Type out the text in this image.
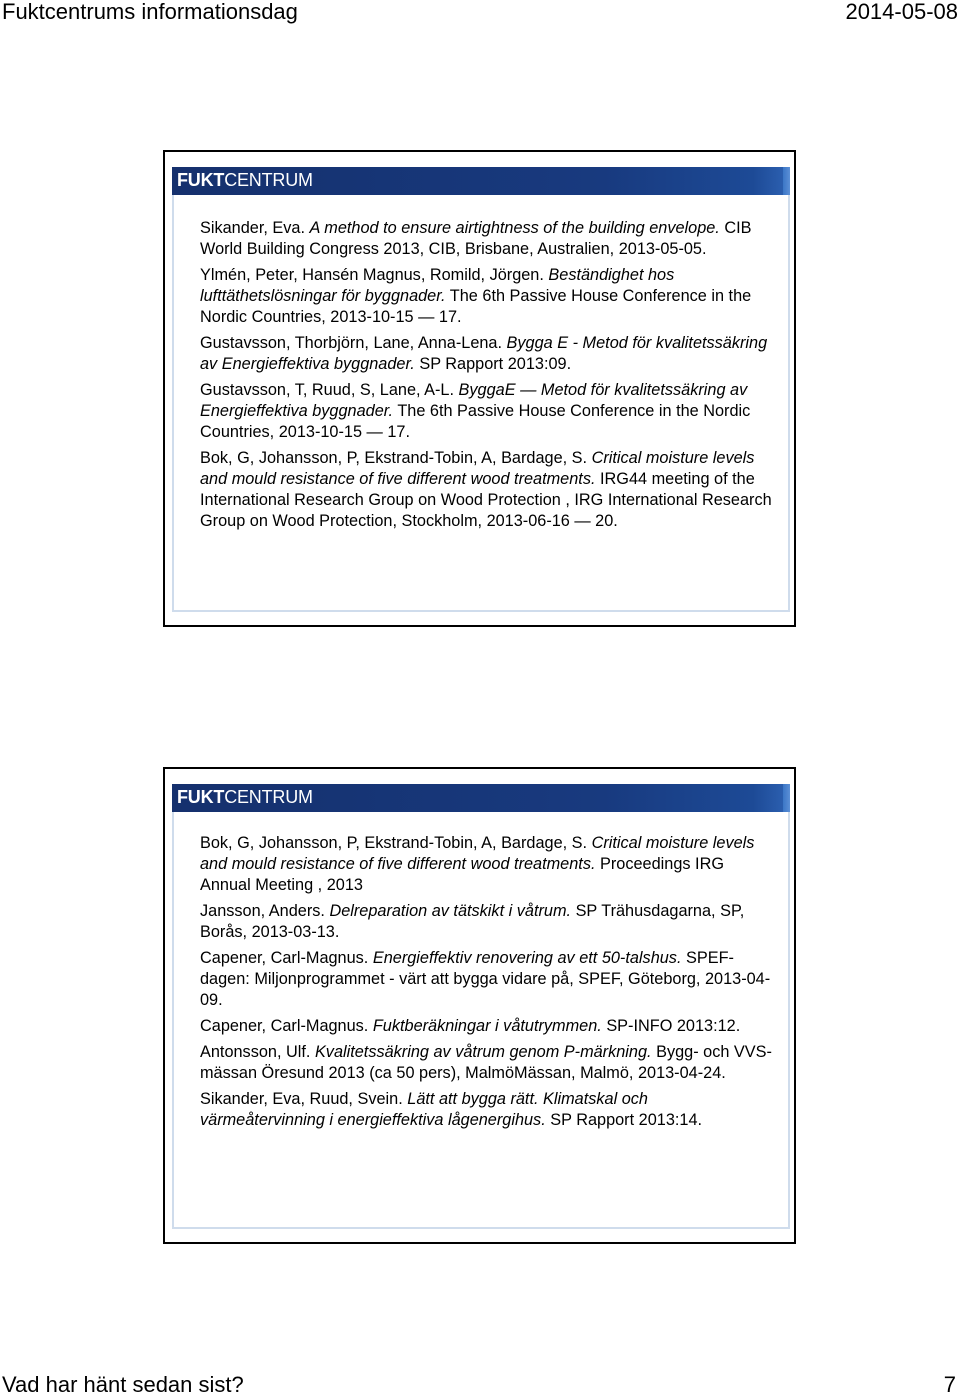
Fuktcentrums informationsdag	2014-05-08
FUKTCENTRUM

Sikander, Eva. A method to ensure airtightness of the building envelope. CIB World Building Congress 2013, CIB, Brisbane, Australien, 2013-05-05.

Ylmén, Peter, Hansén Magnus, Romild, Jörgen. Beständighet hos lufttäthetslösningar för byggnader. The 6th Passive House Conference in the Nordic Countries, 2013-10-15 — 17.

Gustavsson, Thorbjörn, Lane, Anna-Lena. Bygga E - Metod för kvalitetssäkring av Energieffektiva byggnader. SP Rapport 2013:09.

Gustavsson, T, Ruud, S, Lane, A-L. ByggaE — Metod för kvalitetssäkring av Energieffektiva byggnader. The 6th Passive House Conference in the Nordic Countries, 2013-10-15 — 17.

Bok, G, Johansson, P, Ekstrand-Tobin, A, Bardage, S. Critical moisture levels and mould resistance of five different wood treatments. IRG44 meeting of the International Research Group on Wood Protection , IRG International Research Group on Wood Protection, Stockholm, 2013-06-16 — 20.

FUKTCENTRUM

Bok, G, Johansson, P, Ekstrand-Tobin, A, Bardage, S. Critical moisture levels and mould resistance of five different wood treatments. Proceedings IRG Annual Meeting , 2013

Jansson, Anders. Delreparation av tätskikt i våtrum. SP Trähusdagarna, SP, Borås, 2013-03-13.

Capener, Carl-Magnus. Energieffektiv renovering av ett 50-talshus. SPEF-dagen: Miljonprogrammet - värt att bygga vidare på, SPEF, Göteborg, 2013-04-09.

Capener, Carl-Magnus. Fuktberäkningar i våtutrymmen. SP-INFO 2013:12.

Antonsson, Ulf. Kvalitetssäkring av våtrum genom P-märkning. Bygg- och VVS-mässan Öresund 2013 (ca 50 pers), MalmöMässan, Malmö, 2013-04-24.

Sikander, Eva, Ruud, Svein. Lätt att bygga rätt. Klimatskal och värmeåtervinning i energieffektiva lågenergihus. SP Rapport 2013:14.

Vad har hänt sedan sist?	7
